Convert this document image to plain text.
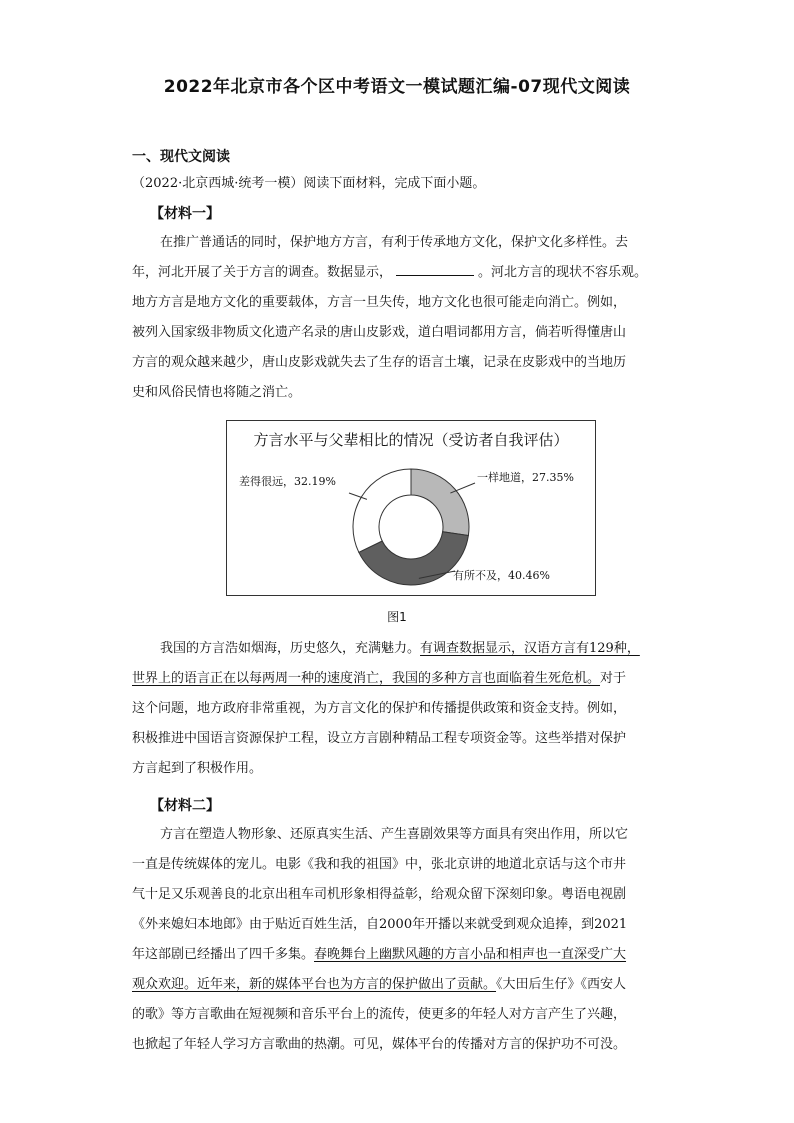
2022年北京市各个区中考语文一模试题汇编-07现代文阅读
一、现代文阅读
（2022·北京西城·统考一模）阅读下面材料，完成下面小题。
【材料一】
在推广普通话的同时，保护地方方言，有利于传承地方文化，保护文化多样性。去
年，河北开展了关于方言的调查。数据显示，	。河北方言的现状不容乐观。
地方方言是地方文化的重要载体，方言一旦失传，地方文化也很可能走向消亡。例如，
被列入国家级非物质文化遗产名录的唐山皮影戏，道白唱词都用方言，倘若听得懂唐山
方言的观众越来越少，唐山皮影戏就失去了生存的语言土壤，记录在皮影戏中的当地历
史和风俗民情也将随之消亡。
方言水平与父辈相比的情况（受访者自我评估）
一样地道，27.35%
有所不及，40.46%
差得很远，32.19%
图1
我国的方言浩如烟海，历史悠久，充满魅力。有调查数据显示，汉语方言有129种，
世界上的语言正在以每两周一种的速度消亡，我国的多种方言也面临着生死危机。对于
这个问题，地方政府非常重视，为方言文化的保护和传播提供政策和资金支持。例如，
积极推进中国语言资源保护工程，设立方言剧种精品工程专项资金等。这些举措对保护
方言起到了积极作用。
【材料二】
方言在塑造人物形象、还原真实生活、产生喜剧效果等方面具有突出作用，所以它
一直是传统媒体的宠儿。电影《我和我的祖国》中，张北京讲的地道北京话与这个市井
气十足又乐观善良的北京出租车司机形象相得益彰，给观众留下深刻印象。粤语电视剧
《外来媳妇本地郎》由于贴近百姓生活，自2000年开播以来就受到观众追捧，到2021
年这部剧已经播出了四千多集。春晚舞台上幽默风趣的方言小品和相声也一直深受广大
观众欢迎。近年来，新的媒体平台也为方言的保护做出了贡献。《大田后生仔》《西安人
的歌》等方言歌曲在短视频和音乐平台上的流传，使更多的年轻人对方言产生了兴趣，
也掀起了年轻人学习方言歌曲的热潮。可见，媒体平台的传播对方言的保护功不可没。
